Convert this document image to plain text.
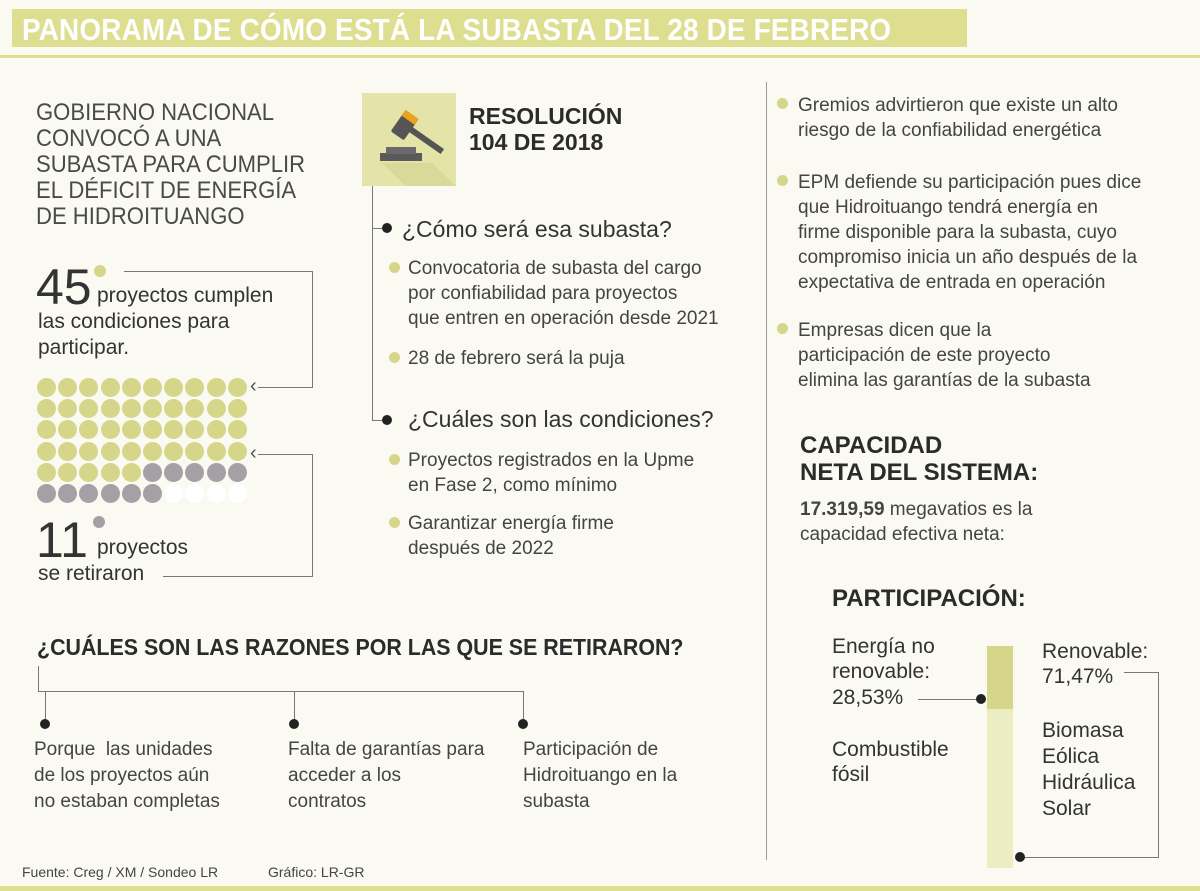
PANORAMA DE CÓMO ESTÁ LA SUBASTA DEL 28 DE FEBRERO
GOBIERNO NACIONAL CONVOCÓ A UNA SUBASTA PARA CUMPLIR EL DÉFICIT DE ENERGÍA DE HIDROITUANGO
45 proyectos cumplen
las condiciones para
participar.
‹
‹
11 proyectos
se retiraron
RESOLUCIÓN
104 DE 2018
¿Cómo será esa subasta?
Convocatoria de subasta del cargo
por confiabilidad para proyectos
que entren en operación desde 2021
28 de febrero será la puja
¿Cuáles son las condiciones?
Proyectos registrados en la Upme
en Fase 2, como mínimo
Garantizar energía firme
después de 2022
Gremios advirtieron que existe un alto
riesgo de la confiabilidad energética
EPM defiende su participación pues dice
que Hidroituango tendrá energía en
firme disponible para la subasta, cuyo
compromiso inicia un año después de la
expectativa de entrada en operación
Empresas dicen que la
participación de este proyecto
elimina las garantías de la subasta
CAPACIDAD
NETA DEL SISTEMA:
17.319,59 megavatios es la
capacidad efectiva neta:
PARTICIPACIÓN:
Energía no
renovable:
28,53%
Combustible
fósil
Renovable:
71,47%
Biomasa
Eólica
Hidráulica
Solar
¿CUÁLES SON LAS RAZONES POR LAS QUE SE RETIRARON?
Porque  las unidades
de los proyectos aún
no estaban completas
Falta de garantías para
acceder a los
contratos
Participación de
Hidroituango en la
subasta
Fuente: Creg / XM / Sondeo LR	Gráfico: LR-GR
